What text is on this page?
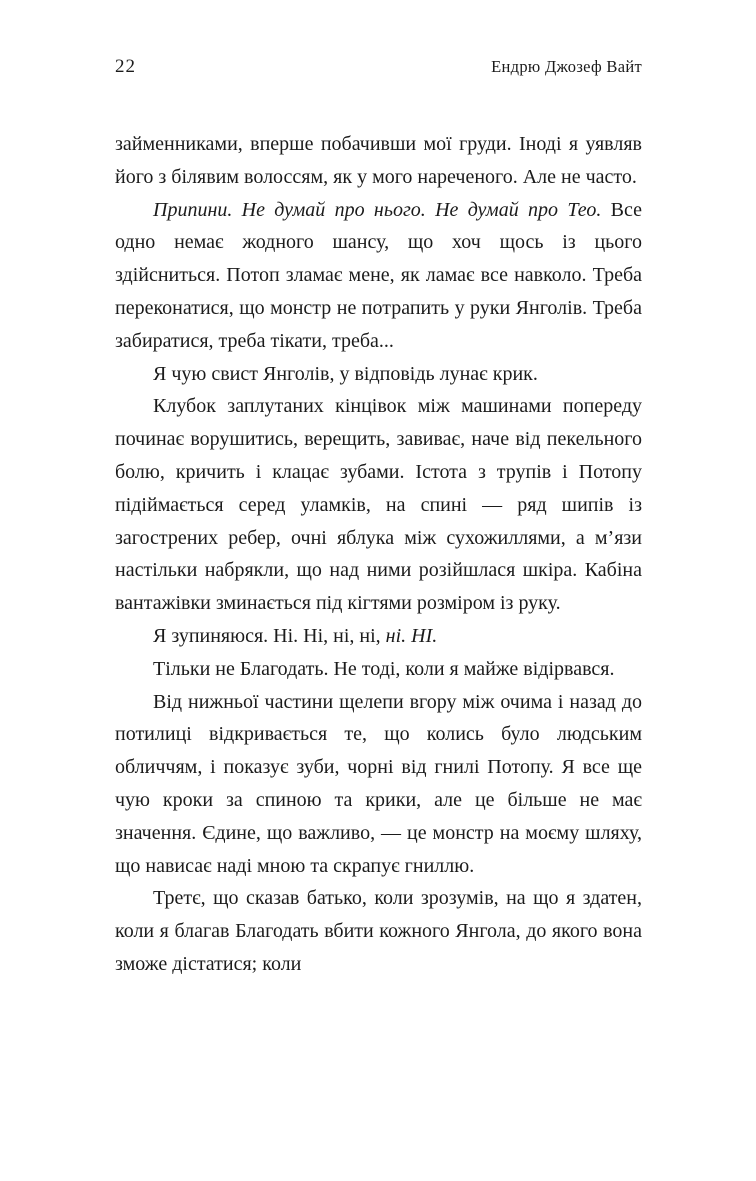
22	Ендрю Джозеф Вайт

займенниками, вперше побачивши мої груди. Іноді я уявляв його з білявим волоссям, як у мого нареченого. Але не часто.

Припини. Не думай про нього. Не думай про Тео. Все одно немає жодного шансу, що хоч щось із цього здійсниться. Потоп зламає мене, як ламає все навколо. Треба переконатися, що монстр не потрапить у руки Янголів. Треба забиратися, треба тікати, треба...

Я чую свист Янголів, у відповідь лунає крик.

Клубок заплутаних кінцівок між машинами попереду починає ворушитись, верещить, завиває, наче від пекельного болю, кричить і клацає зубами. Істота з трупів і Потопу підіймається серед уламків, на спині — ряд шипів із загострених ребер, очні яблука між сухожиллями, а м’язи настільки набрякли, що над ними розійшлася шкіра. Кабіна вантажівки зминається під кігтями розміром із руку.

Я зупиняюся. Ні. Ні, ні, ні, ні. НІ.

Тільки не Благодать. Не тоді, коли я майже відірвався.

Від нижньої частини щелепи вгору між очима і назад до потилиці відкривається те, що колись було людським обличчям, і показує зуби, чорні від гнилі Потопу. Я все ще чую кроки за спиною та крики, але це більше не має значення. Єдине, що важливо, — це монстр на моєму шляху, що нависає наді мною та скрапує гниллю.

Третє, що сказав батько, коли зрозумів, на що я здатен, коли я благав Благодать вбити кожного Янгола, до якого вона зможе дістатися; коли
